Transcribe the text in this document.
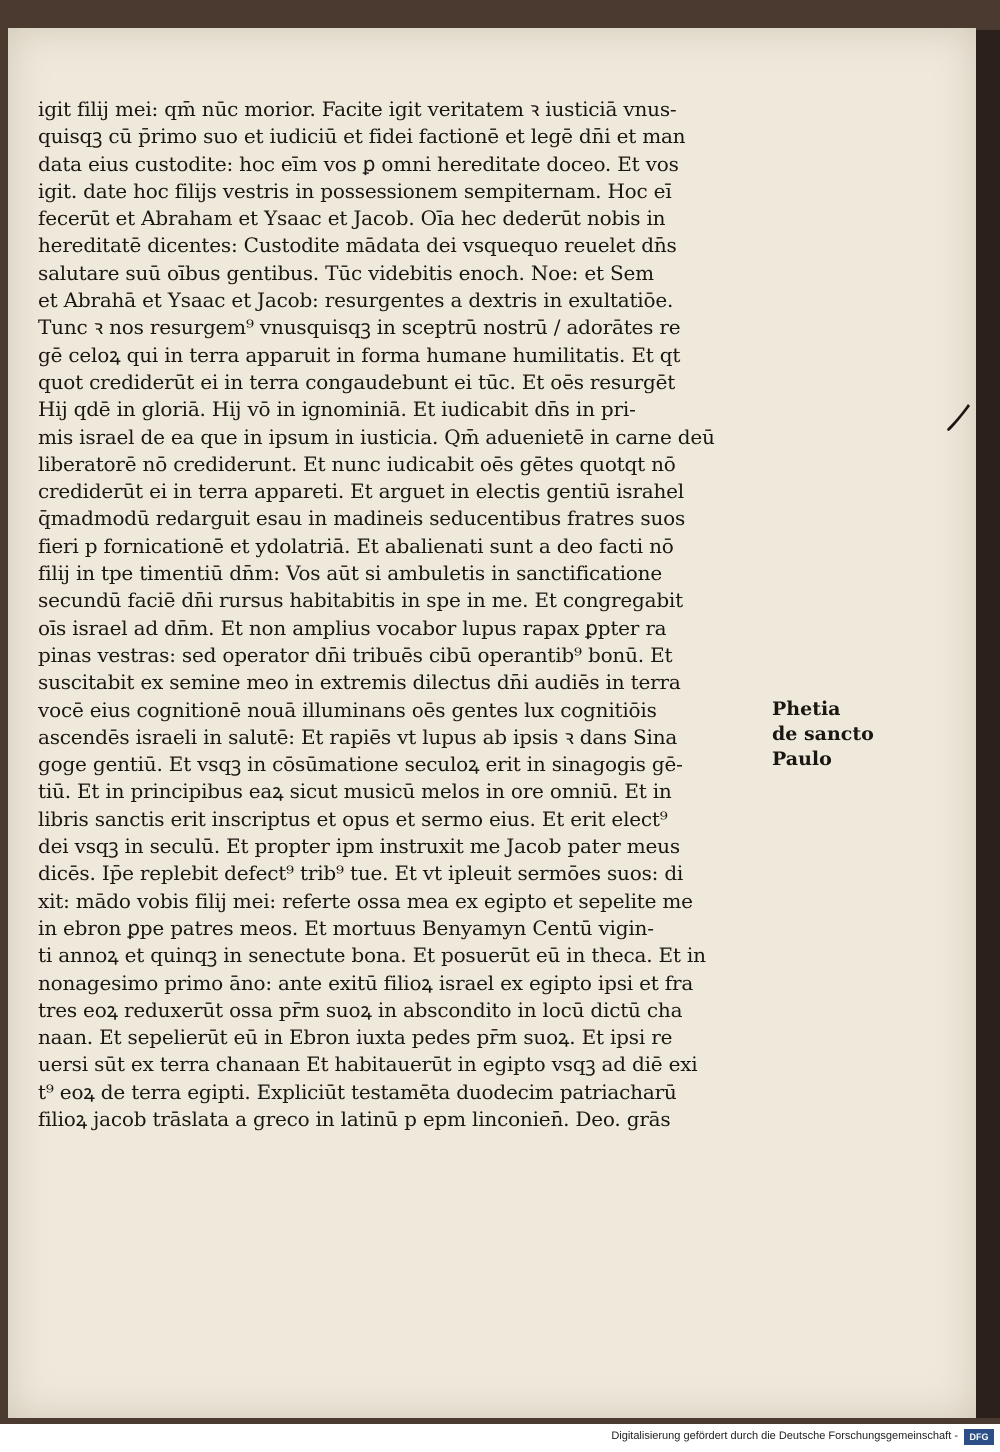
igit filij mei: qm̄ nūc morior. Facite igit veritatem ꝛ iusticiā vnus-
quisqꝫ cū p̄rimo suo et iudiciū et fidei factionē et legē dn̄i et man
data eius custodite: hoc eīm vos ꝑ omni hereditate doceo. Et vos
igit. date hoc filijs vestris in possessionem sempiternam. Hoc eī
fecerūt et Abraham et Ysaac et Jacob. Oīa hec dederūt nobis in
hereditatē dicentes: Custodite mādata dei vsquequo reuelet dn̄s
salutare suū oībus gentibus. Tūc videbitis enoch. Noe: et Sem
et Abrahā et Ysaac et Jacob: resurgentes a dextris in exultatiōe.
Tunc ꝛ nos resurgem⁹ vnusquisqꝫ in sceptrū nostrū / adorātes re
gē celoꝝ qui in terra apparuit in forma humane humilitatis. Et qt
quot crediderūt ei in terra congaudebunt ei tūc. Et oēs resurgēt
Hij qdē in gloriā. Hij vō in ignominiā. Et iudicabit dn̄s in pri-
mis israel de ea que in ipsum in iusticia. Qm̄ aduenietē in carne deū
liberatorē nō crediderunt. Et nunc iudicabit oēs gētes quotqt nō
crediderūt ei in terra appareti. Et arguet in electis gentiū israhel
q̄madmodū redarguit esau in madineis seducentibus fratres suos
fieri p fornicationē et ydolatriā. Et abalienati sunt a deo facti nō
filij in tpe timentiū dn̄m: Vos aūt si ambuletis in sanctificatione
secundū faciē dn̄i rursus habitabitis in spe in me. Et congregabit
oīs israel ad dn̄m. Et non amplius vocabor lupus rapax ꝑpter ra
pinas vestras: sed operator dn̄i tribuēs cibū operantib⁹ bonū. Et
suscitabit ex semine meo in extremis dilectus dn̄i audiēs in terra
vocē eius cognitionē nouā illuminans oēs gentes lux cognitiōis
ascendēs israeli in salutē: Et rapiēs vt lupus ab ipsis ꝛ dans Sina
goge gentiū. Et vsqꝫ in cōsūmatione seculoꝝ erit in sinagogis gē-
tiū. Et in principibus eaꝝ sicut musicū melos in ore omniū. Et in
libris sanctis erit inscriptus et opus et sermo eius. Et erit elect⁹
dei vsqꝫ in seculū. Et propter ipm instruxit me Jacob pater meus
dicēs. Ip̄e replebit defect⁹ trib⁹ tue. Et vt ipleuit sermōes suos: di
xit: mādo vobis filij mei: referte ossa mea ex egipto et sepelite me
in ebron ꝑpe patres meos. Et mortuus Benyamyn Centū vigin-
ti annoꝝ et quinqꝫ in senectute bona. Et posuerūt eū in theca. Et in
nonagesimo primo āno: ante exitū filioꝝ israel ex egipto ipsi et fra
tres eoꝝ reduxerūt ossa pr̄m suoꝝ in abscondito in locū dictū cha
naan. Et sepelierūt eū in Ebron iuxta pedes pr̄m suoꝝ. Et ipsi re
uersi sūt ex terra chanaan Et habitauerūt in egipto vsqꝫ ad diē exi
t⁹ eoꝝ de terra egipti. Expliciūt testamēta duodecim patriacharū
filioꝝ jacob trāslata a greco in latinū p epm linconien̄. Deo. grās
Phetia
de sancto
Paulo
Digitalisierung gefördert durch die Deutsche Forschungsgemeinschaft -	DFG
